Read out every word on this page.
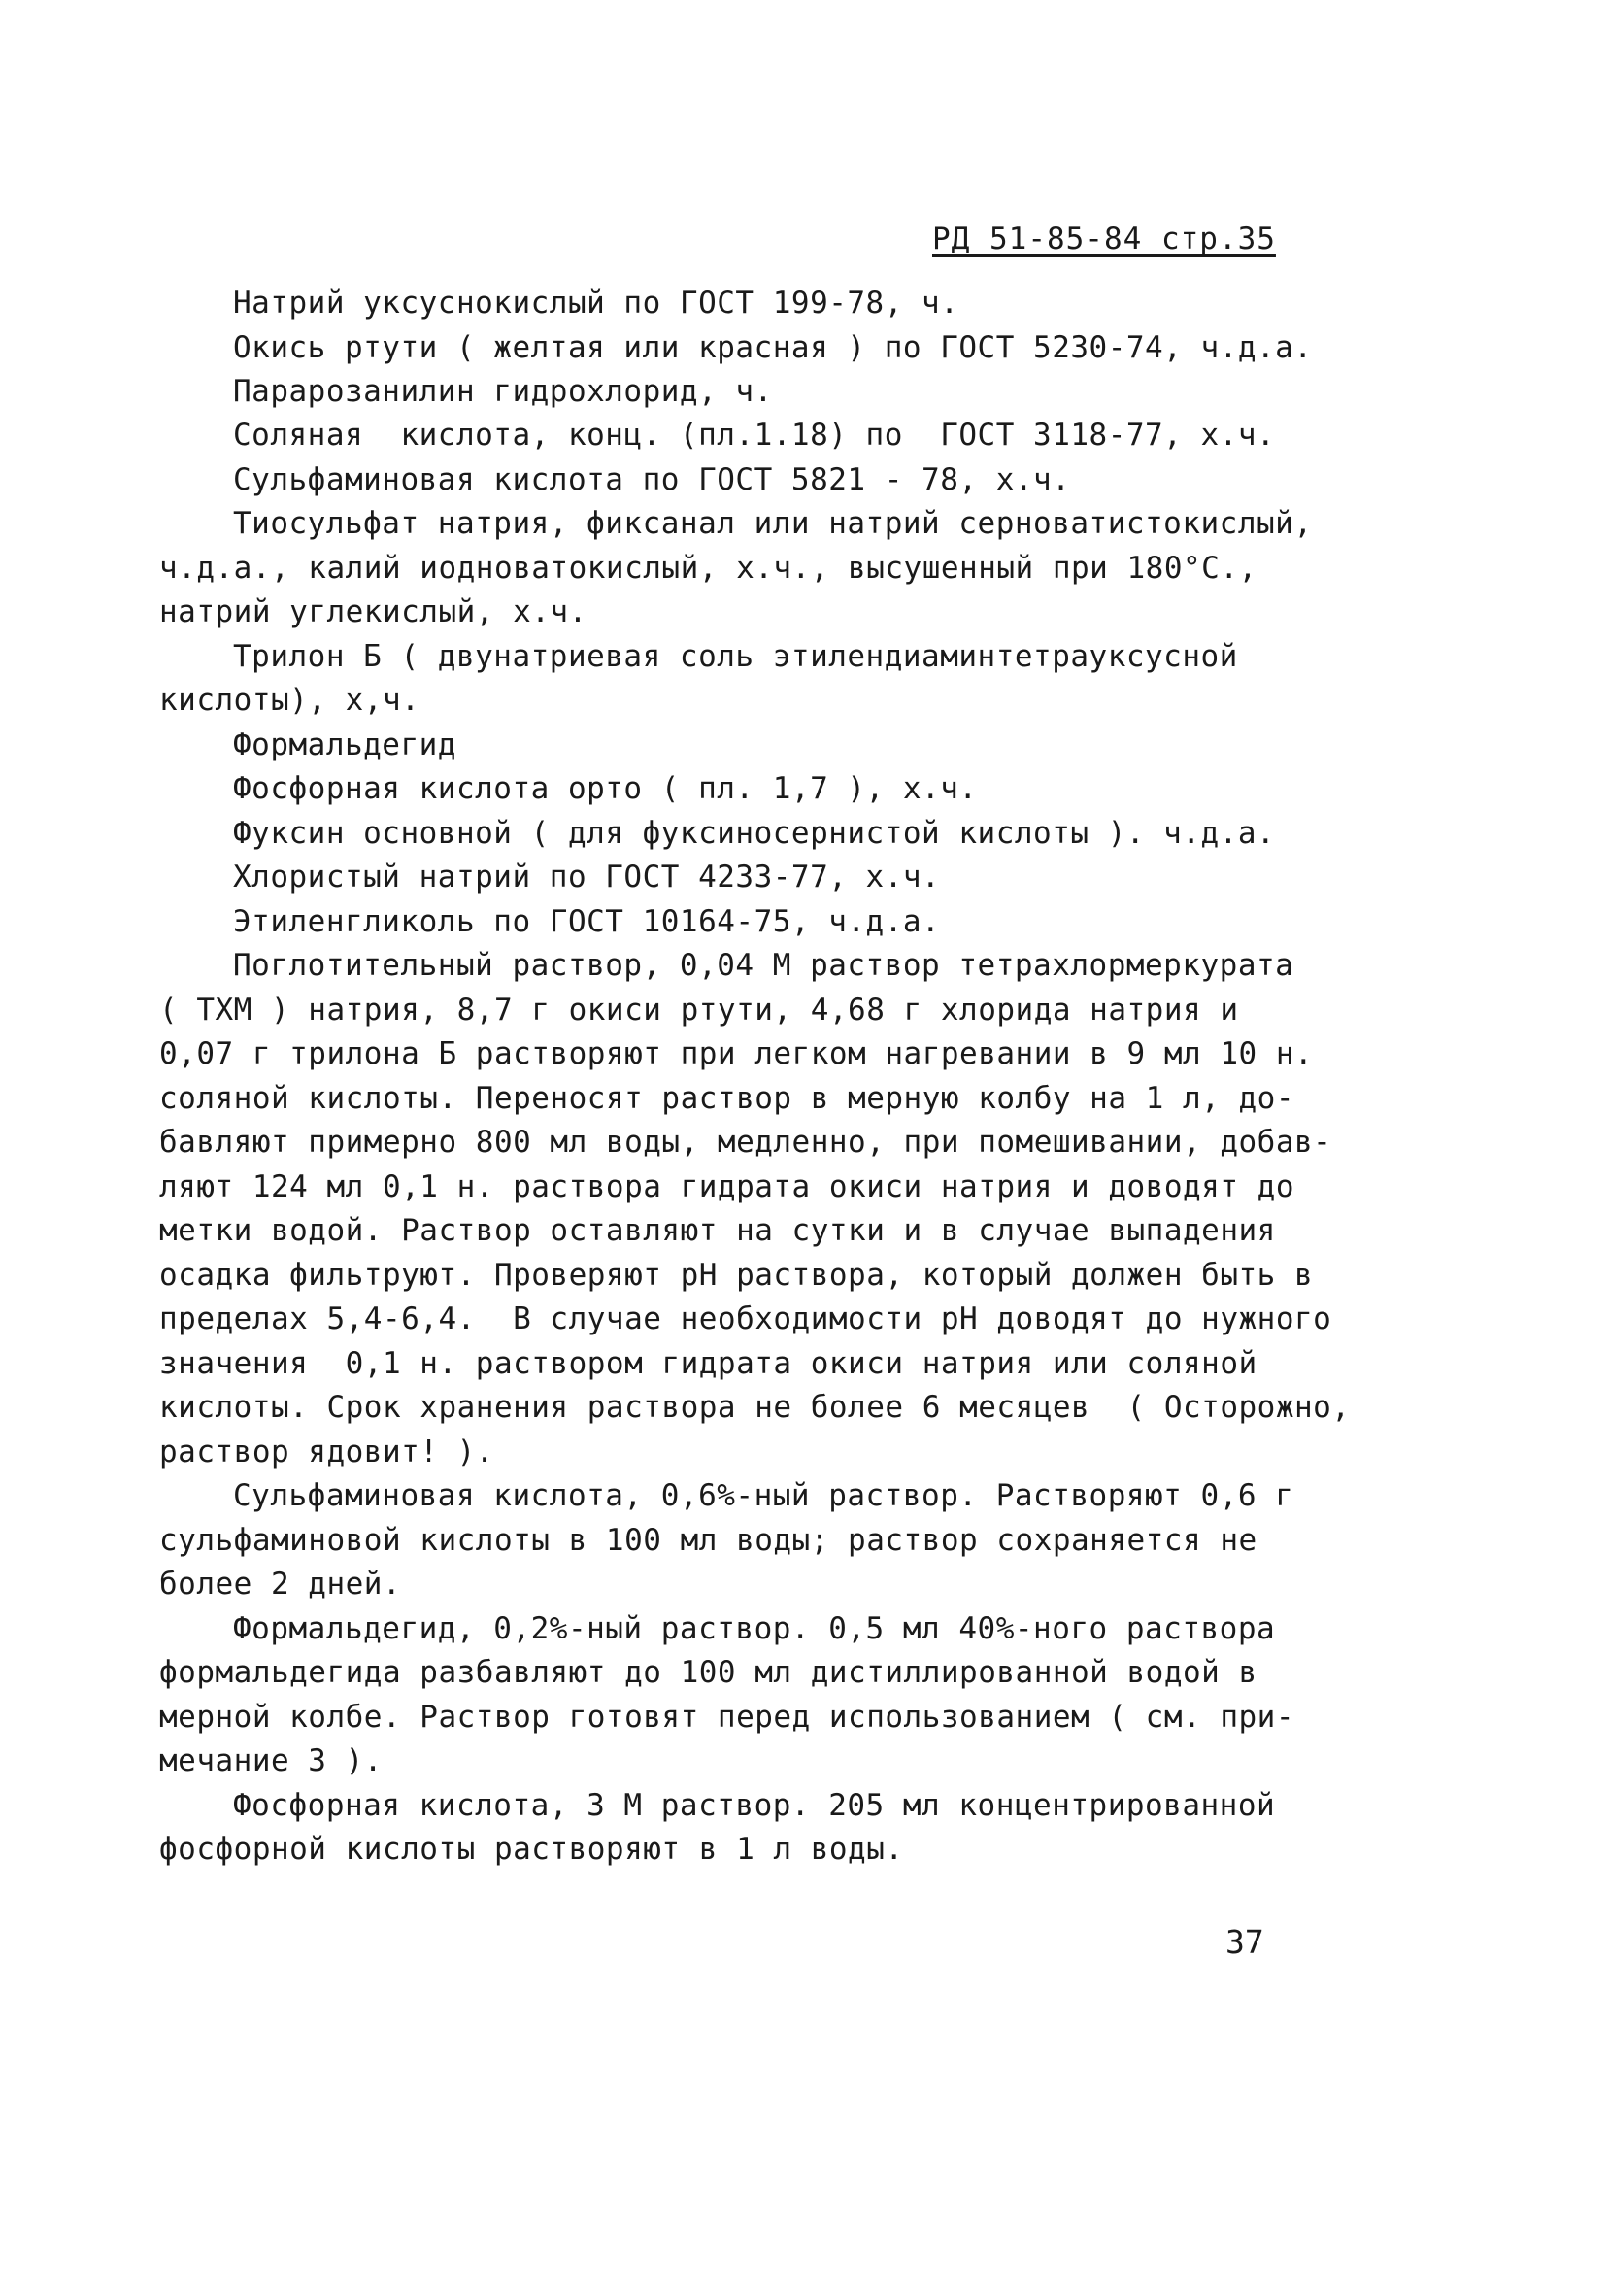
РД 51-85-84 стр.35
Натрий уксуснокислый по ГОСТ 199-78, ч.
Окись ртути ( желтая или красная ) по ГОСТ 5230-74, ч.д.а.
Парарозанилин гидрохлорид, ч.
Соляная  кислота, конц. (пл.1.18) по  ГОСТ 3118-77, х.ч.
Сульфаминовая кислота по ГОСТ 5821 - 78, х.ч.
Тиосульфат натрия, фиксанал или натрий серноватистокислый,
ч.д.а., калий иодноватокислый, х.ч., высушенный при 180°С.,
натрий углекислый, х.ч.
Трилон Б ( двунатриевая соль этилендиаминтетрауксусной
кислоты), х,ч.
Формальдегид
Фосфорная кислота орто ( пл. 1,7 ), х.ч.
Фуксин основной ( для фуксиносернистой кислоты ). ч.д.а.
Хлористый натрий по ГОСТ 4233-77, х.ч.
Этиленгликоль по ГОСТ 10164-75, ч.д.а.
Поглотительный раствор, 0,04 М раствор тетрахлормеркурата
( ТХМ ) натрия, 8,7 г окиси ртути, 4,68 г хлорида натрия и
0,07 г трилона Б растворяют при легком нагревании в 9 мл 10 н.
соляной кислоты. Переносят раствор в мерную колбу на 1 л, до-
бавляют примерно 800 мл воды, медленно, при помешивании, добав-
ляют 124 мл 0,1 н. раствора гидрата окиси натрия и доводят до
метки водой. Раствор оставляют на сутки и в случае выпадения
осадка фильтруют. Проверяют pH раствора, который должен быть в
пределах 5,4-6,4.  В случае необходимости pH доводят до нужного
значения  0,1 н. раствором гидрата окиси натрия или соляной
кислоты. Срок хранения раствора не более 6 месяцев  ( Осторожно,
раствор ядовит! ).
Сульфаминовая кислота, 0,6%-ный раствор. Растворяют 0,6 г
сульфаминовой кислоты в 100 мл воды; раствор сохраняется не
более 2 дней.
Формальдегид, 0,2%-ный раствор. 0,5 мл 40%-ного раствора
формальдегида разбавляют до 100 мл дистиллированной водой в
мерной колбе. Раствор готовят перед использованием ( см. при-
мечание 3 ).
Фосфорная кислота, 3 М раствор. 205 мл концентрированной
фосфорной кислоты растворяют в 1 л воды.
37
